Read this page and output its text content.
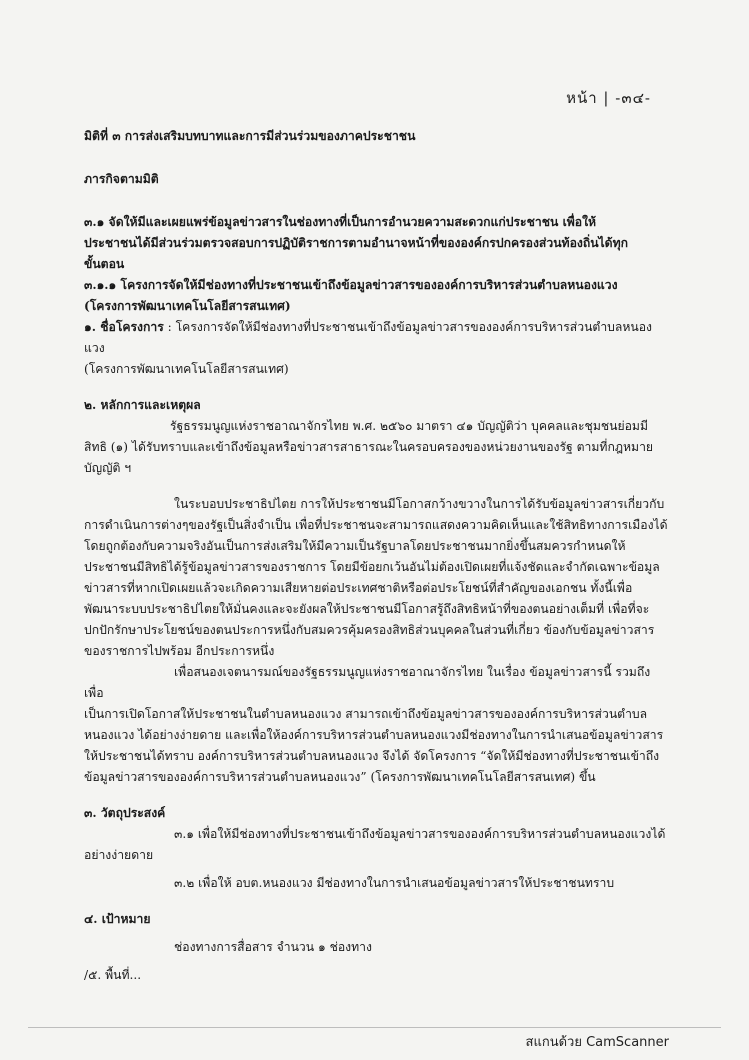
หน้า | -๓๔-

มิติที่ ๓ การส่งเสริมบทบาทและการมีส่วนร่วมของภาคประชาชน

ภารกิจตามมิติ

๓.๑ จัดให้มีและเผยแพร่ข้อมูลข่าวสารในช่องทางที่เป็นการอำนวยความสะดวกแก่ประชาชน เพื่อให้

ประชาชนได้มีส่วนร่วมตรวจสอบการปฏิบัติราชการตามอำนาจหน้าที่ขององค์กรปกครองส่วนท้องถิ่นได้ทุก

ขั้นตอน

๓.๑.๑ โครงการจัดให้มีช่องทางที่ประชาชนเข้าถึงข้อมูลข่าวสารขององค์การบริหารส่วนตำบลหนองแวง

(โครงการพัฒนาเทคโนโลยีสารสนเทศ)

๑. ชื่อโครงการ : โครงการจัดให้มีช่องทางที่ประชาชนเข้าถึงข้อมูลข่าวสารขององค์การบริหารส่วนตำบลหนองแวง

(โครงการพัฒนาเทคโนโลยีสารสนเทศ)

๒. หลักการและเหตุผล

รัฐธรรมนูญแห่งราชอาณาจักรไทย พ.ศ. ๒๕๖๐ มาตรา ๔๑ บัญญัติว่า บุคคลและชุมชนย่อมมี

สิทธิ (๑) ได้รับทราบและเข้าถึงข้อมูลหรือข่าวสารสาธารณะในครอบครองของหน่วยงานของรัฐ ตามที่กฎหมาย

บัญญัติ ฯ

ในระบอบประชาธิปไตย การให้ประชาชนมีโอกาสกว้างขวางในการได้รับข้อมูลข่าวสารเกี่ยวกับ

การดำเนินการต่างๆของรัฐเป็นสิ่งจำเป็น เพื่อที่ประชาชนจะสามารถแสดงความคิดเห็นและใช้สิทธิทางการเมืองได้

โดยถูกต้องกับความจริงอันเป็นการส่งเสริมให้มีความเป็นรัฐบาลโดยประชาชนมากยิ่งขึ้นสมควรกำหนดให้

ประชาชนมีสิทธิได้รู้ข้อมูลข่าวสารของราชการ โดยมีข้อยกเว้นอันไม่ต้องเปิดเผยที่แจ้งชัดและจำกัดเฉพาะข้อมูล

ข่าวสารที่หากเปิดเผยแล้วจะเกิดความเสียหายต่อประเทศชาติหรือต่อประโยชน์ที่สำคัญของเอกชน ทั้งนี้เพื่อ

พัฒนาระบบประชาธิปไตยให้มั่นคงและจะยังผลให้ประชาชนมีโอกาสรู้ถึงสิทธิหน้าที่ของตนอย่างเต็มที่ เพื่อที่จะ

ปกปักรักษาประโยชน์ของตนประการหนึ่งกับสมควรคุ้มครองสิทธิส่วนบุคคลในส่วนที่เกี่ยว ข้องกับข้อมูลข่าวสาร

ของราชการไปพร้อม อีกประการหนึ่ง

เพื่อสนองเจตนารมณ์ของรัฐธรรมนูญแห่งราชอาณาจักรไทย ในเรื่อง ข้อมูลข่าวสารนี้ รวมถึงเพื่อ

เป็นการเปิดโอกาสให้ประชาชนในตำบลหนองแวง สามารถเข้าถึงข้อมูลข่าวสารขององค์การบริหารส่วนตำบล

หนองแวง ได้อย่างง่ายดาย และเพื่อให้องค์การบริหารส่วนตำบลหนองแวงมีช่องทางในการนำเสนอข้อมูลข่าวสาร

ให้ประชาชนได้ทราบ องค์การบริหารส่วนตำบลหนองแวง จึงได้ จัดโครงการ “จัดให้มีช่องทางที่ประชาชนเข้าถึง

ข้อมูลข่าวสารขององค์การบริหารส่วนตำบลหนองแวง” (โครงการพัฒนาเทคโนโลยีสารสนเทศ) ขึ้น

๓. วัตถุประสงค์

๓.๑ เพื่อให้มีช่องทางที่ประชาชนเข้าถึงข้อมูลข่าวสารขององค์การบริหารส่วนตำบลหนองแวงได้

อย่างง่ายดาย

๓.๒ เพื่อให้ อบต.หนองแวง มีช่องทางในการนำเสนอข้อมูลข่าวสารให้ประชาชนทราบ

๔. เป้าหมาย

ช่องทางการสื่อสาร จำนวน ๑ ช่องทาง

/๕. พื้นที่...

สแกนด้วย CamScanner
